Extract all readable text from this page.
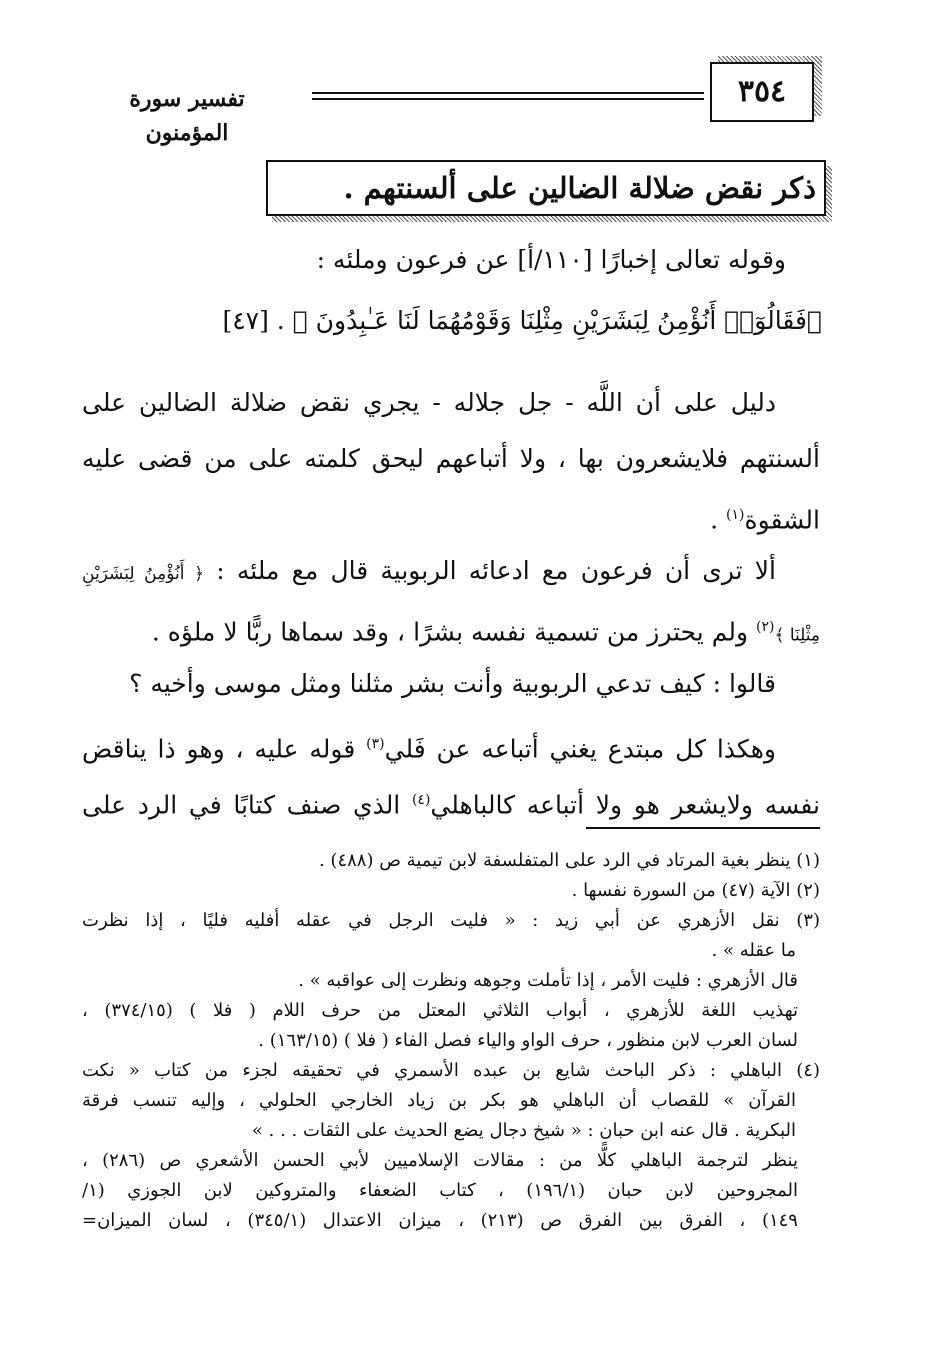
تفسير سورة المؤمنون
٣٥٤
ذكر نقض ضلالة الضالين على ألسنتهم .
وقوله تعالى إخبارًا [١١٠/أ] عن فرعون وملئه :
﴿فَقَالُوٓا۟ أَنُؤْمِنُ لِبَشَرَيْنِ مِثْلِنَا وَقَوْمُهُمَا لَنَا عَـٰبِدُونَ ﴾ . [٤٧]
دليل على أن اللَّه - جل جلاله - يجري نقض ضلالة الضالين على
ألسنتهم فلايشعرون بها ، ولا أتباعهم ليحق كلمته على من قضى عليه
الشقوة$^{(١)}$ .
ألا ترى أن فرعون مع ادعائه الربوبية قال مع ملئه : ﴿ أَنُؤْمِنُ لِبَشَرَيْنِ
مِثْلِنَا ﴾$^{(٢)}$ ولم يحترز من تسمية نفسه بشرًا ، وقد سماها ربًّا لا ملؤه .
قالوا : كيف تدعي الربوبية وأنت بشر مثلنا ومثل موسى وأخيه ؟
وهكذا كل مبتدع يغني أتباعه عن فَلي$^{(٣)}$ قوله عليه ، وهو ذا يناقض
نفسه ولايشعر هو ولا أتباعه كالباهلي$^{(٤)}$ الذي صنف كتابًا في الرد على
(١) ينظر بغية المرتاد في الرد على المتفلسفة لابن تيمية ص (٤٨٨) .
(٢) الآية (٤٧) من السورة نفسها .
(٣) نقل الأزهري عن أبي زيد : « فليت الرجل في عقله أفليه فليًا ، إذا نظرت
ما عقله » .
قال الأزهري : فليت الأمر ، إذا تأملت وجوهه ونظرت إلى عواقبه » .
تهذيب اللغة للأزهري ، أبواب الثلاثي المعتل من حرف اللام ( فلا ) (٣٧٤/١٥) ،
لسان العرب لابن منظور ، حرف الواو والياء فصل الفاء ( فلا ) (١٦٣/١٥) .
(٤) الباهلي : ذكر الباحث شايع بن عبده الأسمري في تحقيقه لجزء من كتاب « نكت
القرآن » للقصاب أن الباهلي هو بكر بن زياد الخارجي الحلولي ، وإليه تنسب فرقة
البكرية . قال عنه ابن حبان : « شيخ دجال يضع الحديث على الثقات . . . »
ينظر لترجمة الباهلي كلًّا من : مقالات الإسلاميين لأبي الحسن الأشعري ص (٢٨٦) ،
المجروحين لابن حبان (١٩٦/١) ، كتاب الضعفاء والمتروكين لابن الجوزي (١/
١٤٩) ، الفرق بين الفرق ص (٢١٣) ، ميزان الاعتدال (٣٤٥/١) ، لسان الميزان=
